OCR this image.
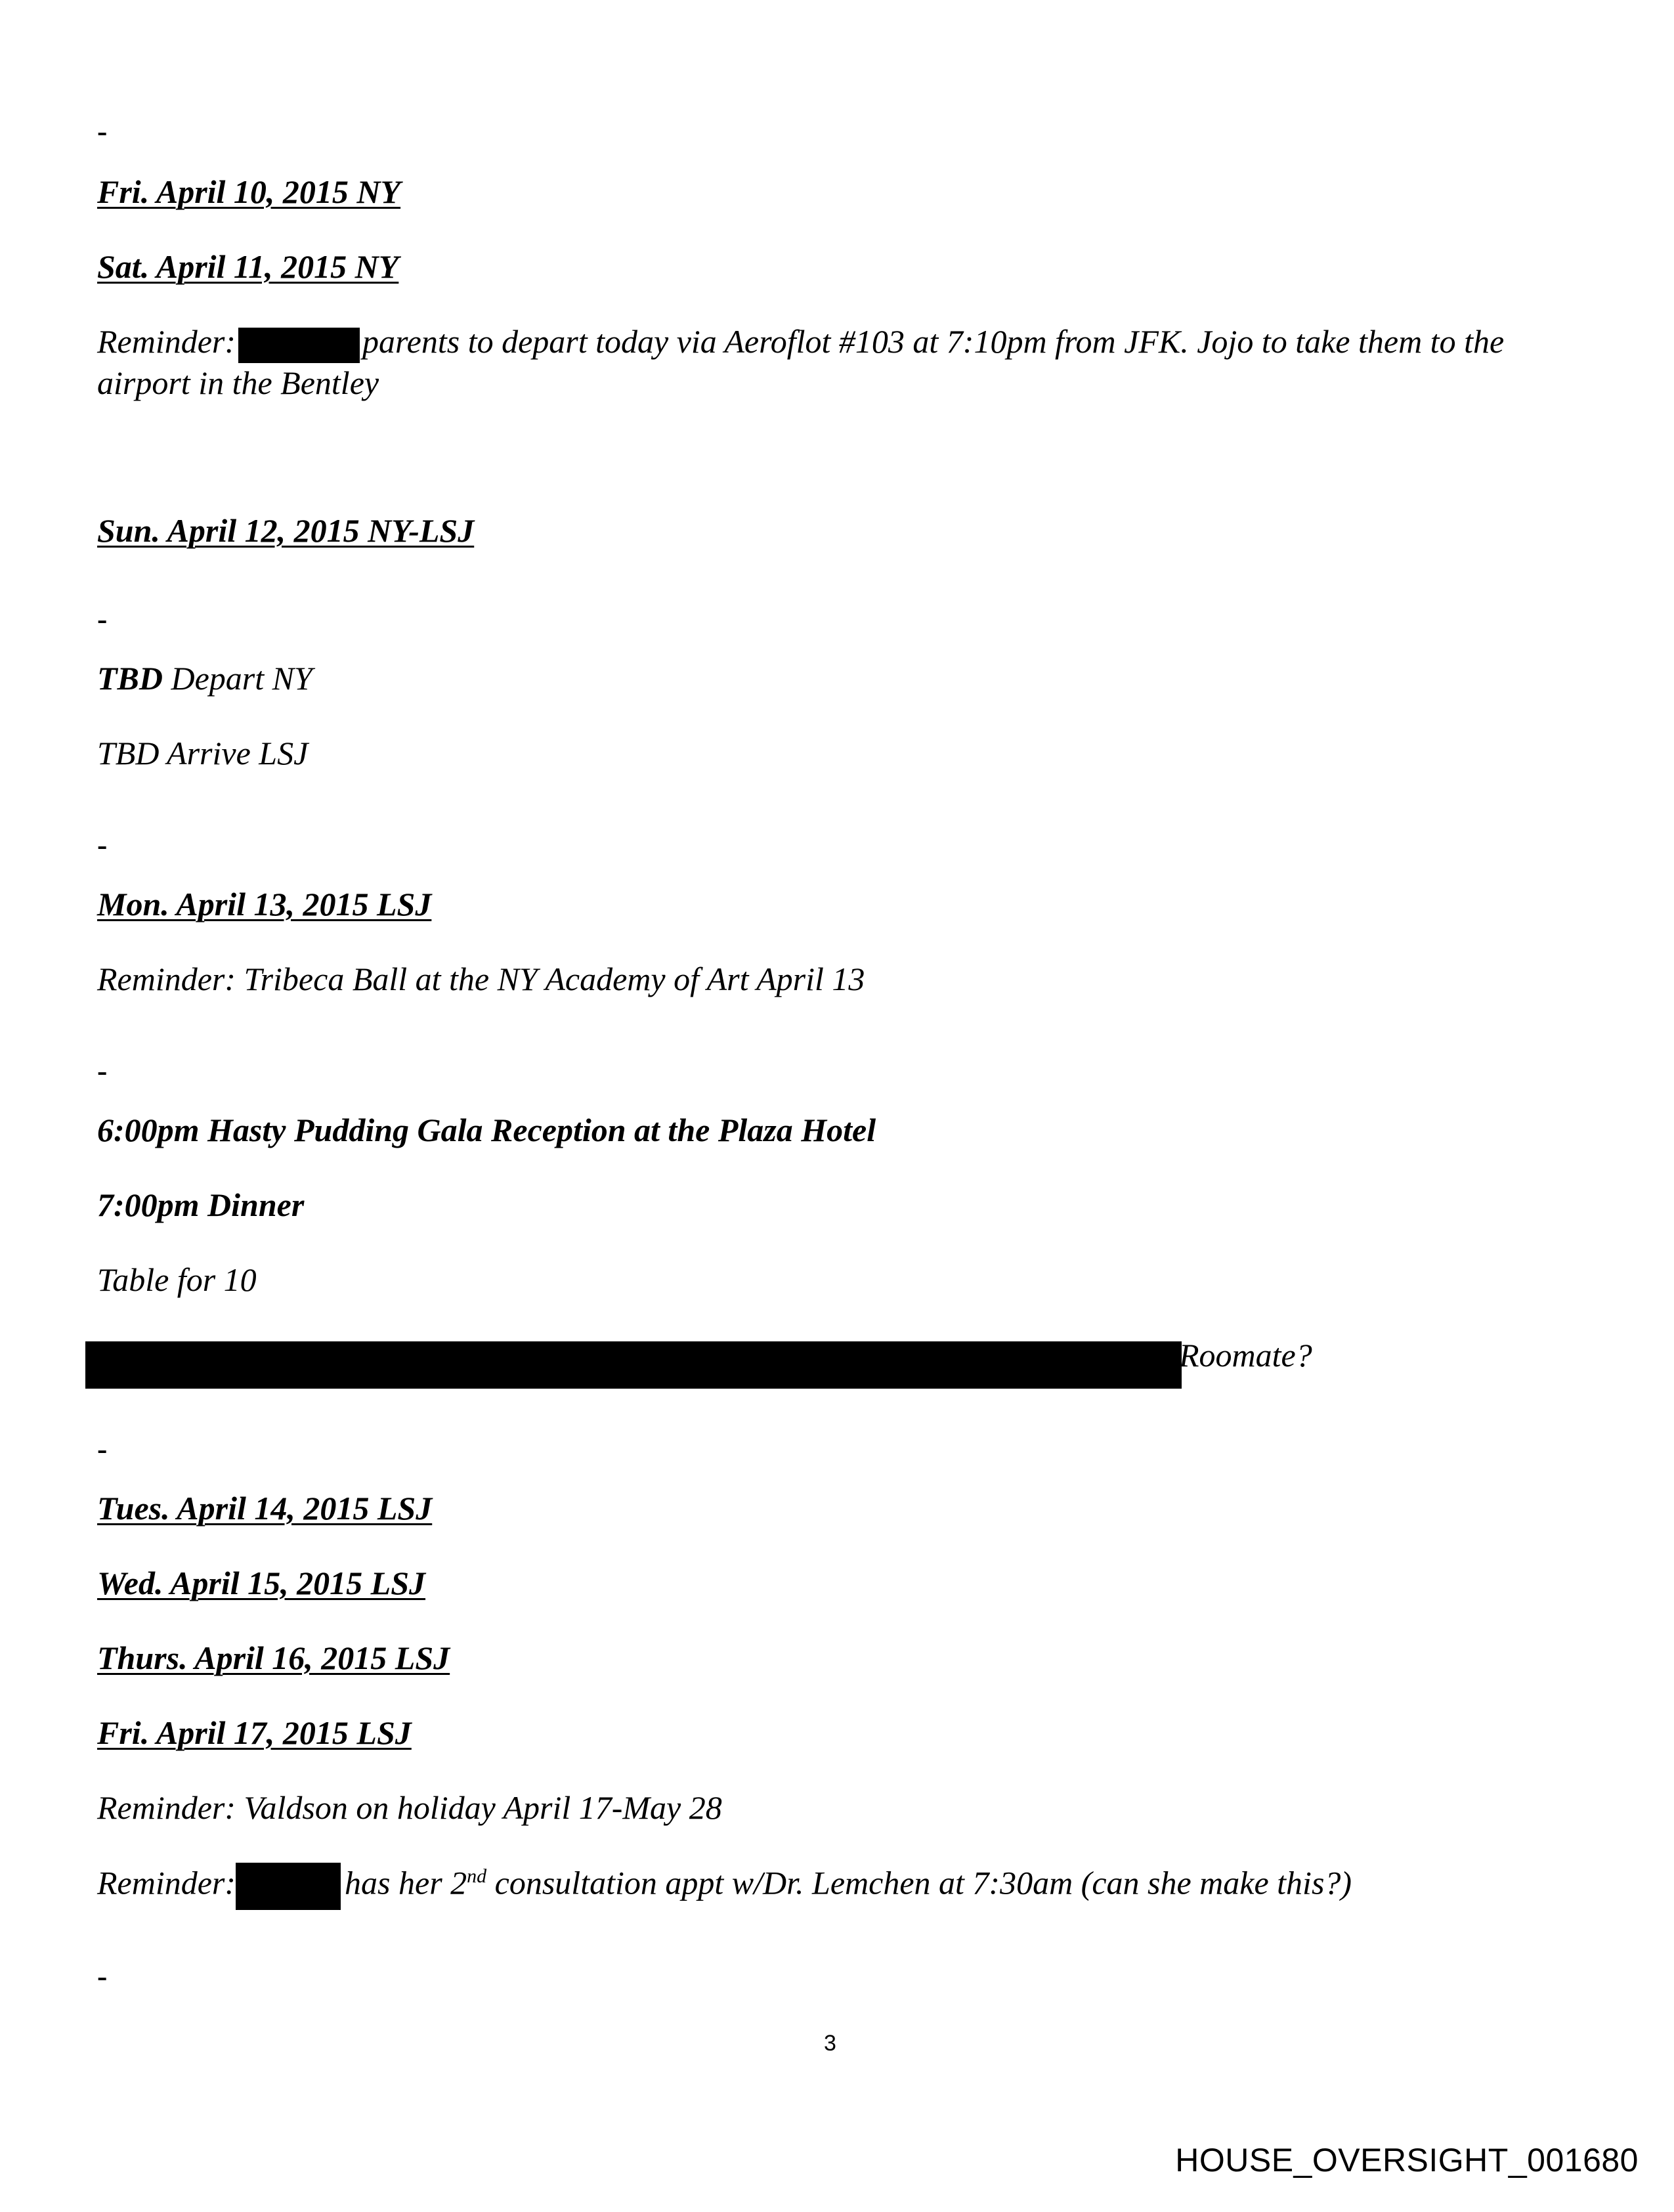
-
Fri. April 10, 2015 NY
Sat. April 11, 2015 NY
Reminder:	parents to depart today via Aeroflot #103 at 7:10pm from JFK. Jojo to take them to the airport in the Bentley
Sun. April 12, 2015 NY-LSJ
-
TBD Depart NY
TBD Arrive LSJ
-
Mon. April 13, 2015 LSJ
Reminder: Tribeca Ball at the NY Academy of Art April 13
-
6:00pm Hasty Pudding Gala Reception at the Plaza Hotel
7:00pm Dinner
Table for 10
Roomate?
-
Tues. April 14, 2015 LSJ
Wed. April 15, 2015 LSJ
Thurs. April 16, 2015 LSJ
Fri. April 17, 2015 LSJ
Reminder: Valdson on holiday April 17-May 28
Reminder:	has her 2nd consultation appt w/Dr. Lemchen at 7:30am (can she make this?)
-
3
HOUSE_OVERSIGHT_001680
